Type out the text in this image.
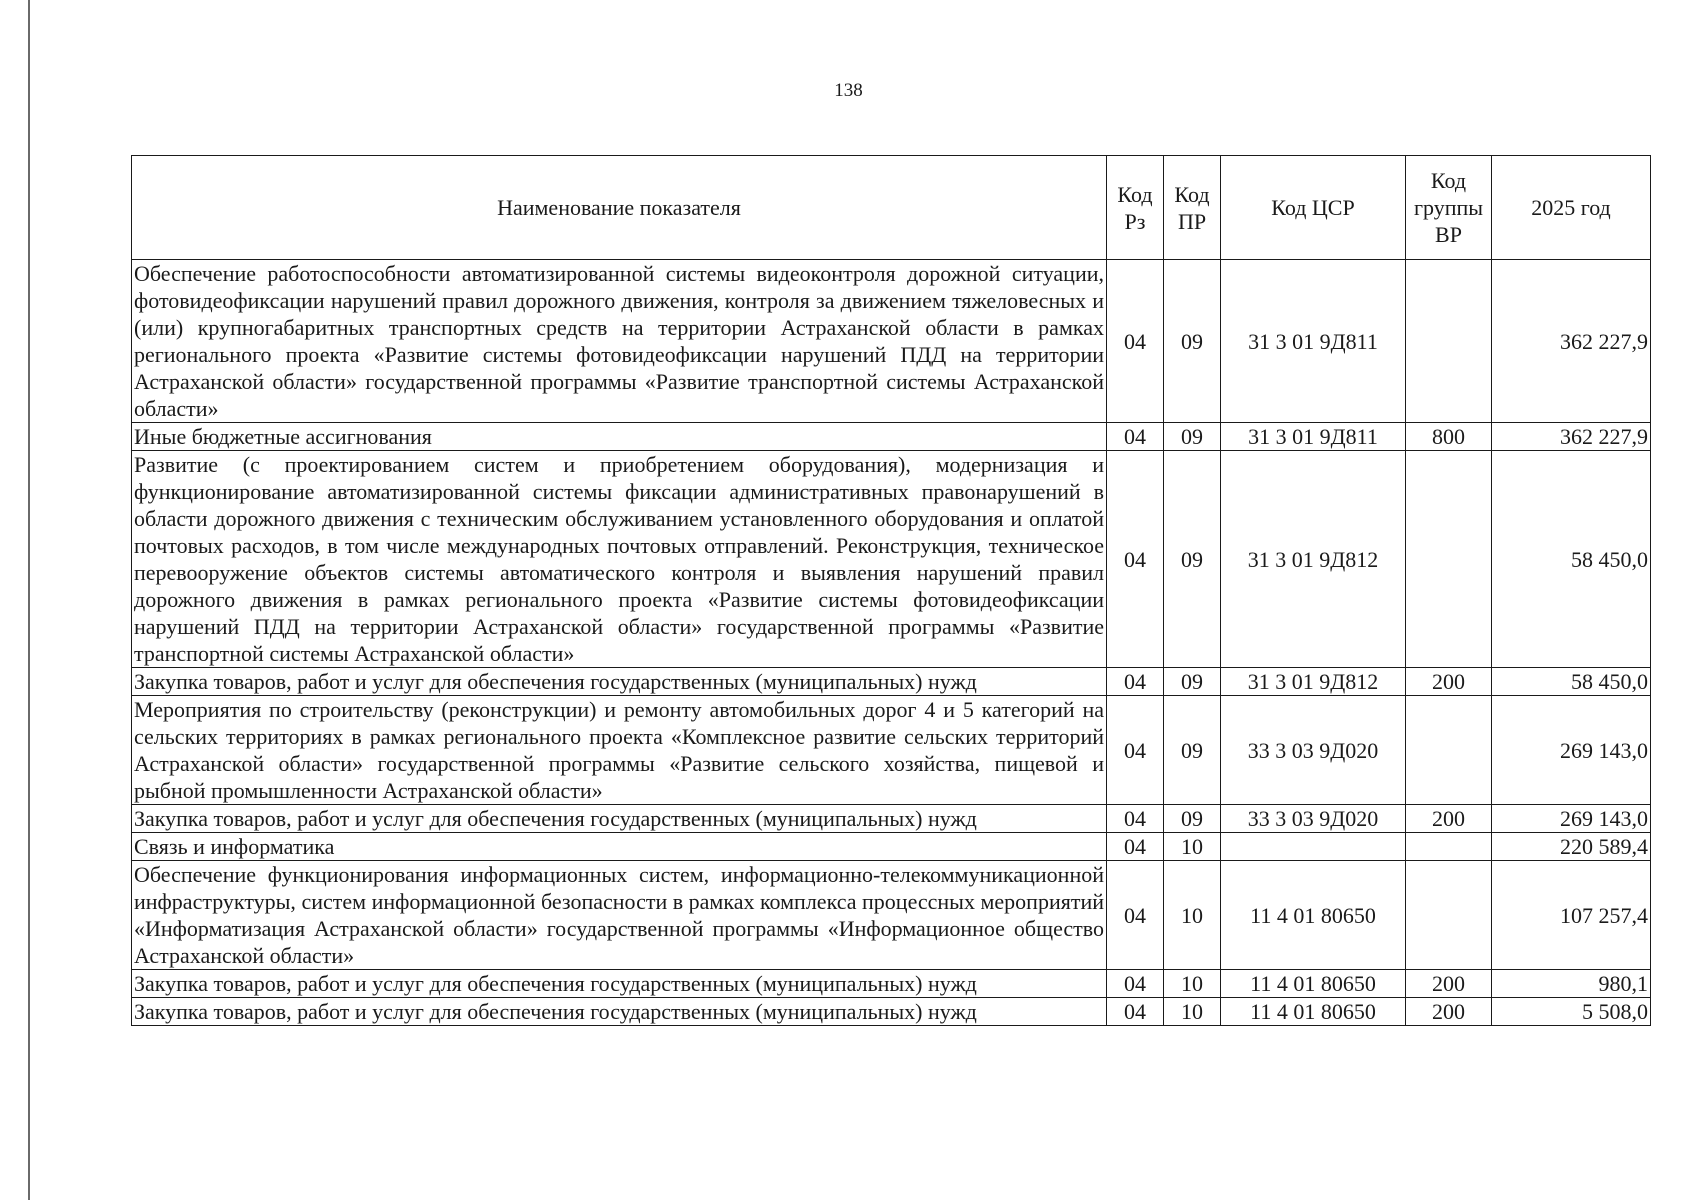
138
Наименование показателя	Код Рз	Код ПР	Код ЦСР	Код группы ВР	2025 год
Обеспечение работоспособности автоматизированной системы видеоконтроля дорожной ситуации, фотовидеофиксации нарушений правил дорожного движения, контроля за движением тяжеловесных и (или) крупногабаритных транспортных средств на территории Астраханской области в рамках регионального проекта «Развитие системы фотовидеофиксации нарушений ПДД на территории Астраханской области» государственной программы «Развитие транспортной системы Астраханской области»	04	09	31 3 01 9Д811		362 227,9
Иные бюджетные ассигнования	04	09	31 3 01 9Д811	800	362 227,9
Развитие (с проектированием систем и приобретением оборудования), модернизация и функционирование автоматизированной системы фиксации административных правонарушений в области дорожного движения с техническим обслуживанием установленного оборудования и оплатой почтовых расходов, в том числе международных почтовых отправлений. Реконструкция, техническое перевооружение объектов системы автоматического контроля и выявления нарушений правил дорожного движения в рамках регионального проекта «Развитие системы фотовидеофиксации нарушений ПДД на территории Астраханской области» государственной программы «Развитие транспортной системы Астраханской области»	04	09	31 3 01 9Д812		58 450,0
Закупка товаров, работ и услуг для обеспечения государственных (муниципальных) нужд	04	09	31 3 01 9Д812	200	58 450,0
Мероприятия по строительству (реконструкции) и ремонту автомобильных дорог 4 и 5 категорий на сельских территориях в рамках регионального проекта «Комплексное развитие сельских территорий Астраханской области» государственной программы «Развитие сельского хозяйства, пищевой и рыбной промышленности Астраханской области»	04	09	33 3 03 9Д020		269 143,0
Закупка товаров, работ и услуг для обеспечения государственных (муниципальных) нужд	04	09	33 3 03 9Д020	200	269 143,0
Связь и информатика	04	10			220 589,4
Обеспечение функционирования информационных систем, информационно-телекоммуникационной инфраструктуры, систем информационной безопасности в рамках комплекса процессных мероприятий «Информатизация Астраханской области» государственной программы «Информационное общество Астраханской области»	04	10	11 4 01 80650		107 257,4
Закупка товаров, работ и услуг для обеспечения государственных (муниципальных) нужд	04	10	11 4 01 80650	200	980,1
Закупка товаров, работ и услуг для обеспечения государственных (муниципальных) нужд	04	10	11 4 01 80650	200	5 508,0
